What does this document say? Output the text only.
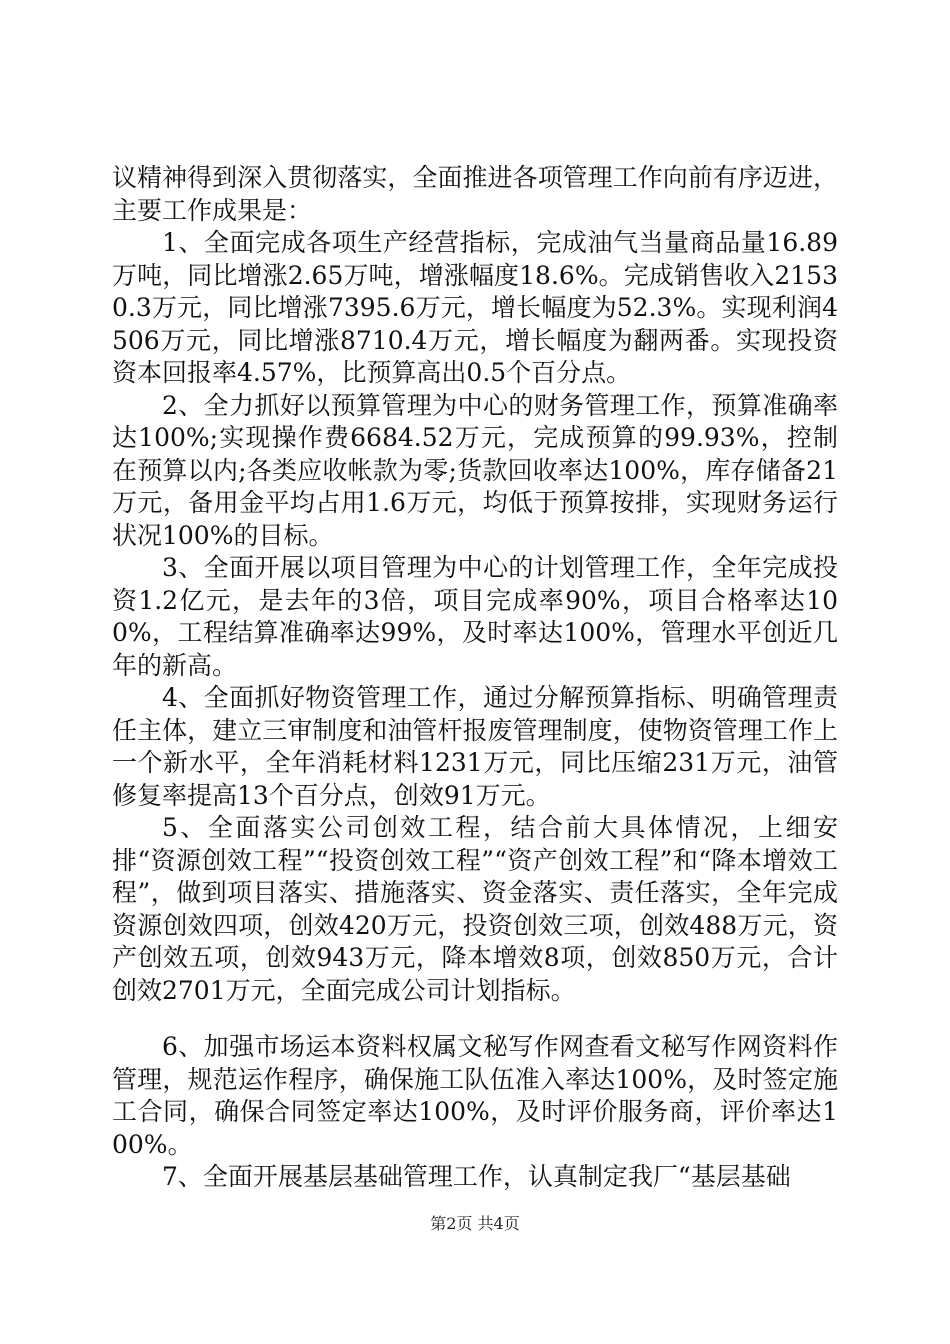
议精神得到深入贯彻落实，全面推进各项管理工作向前有序迈进，主要工作成果是：

1、全面完成各项生产经营指标，完成油气当量商品量16.89万吨，同比增涨2.65万吨，增涨幅度18.6%。完成销售收入21530.3万元，同比增涨7395.6万元，增长幅度为52.3%。实现利润4506万元，同比增涨8710.4万元，增长幅度为翻两番。实现投资资本回报率4.57%，比预算高出0.5个百分点。

2、全力抓好以预算管理为中心的财务管理工作，预算准确率达100%;实现操作费6684.52万元，完成预算的99.93%，控制在预算以内;各类应收帐款为零;货款回收率达100%，库存储备21万元，备用金平均占用1.6万元，均低于预算按排，实现财务运行状况100%的目标。

3、全面开展以项目管理为中心的计划管理工作，全年完成投资1.2亿元，是去年的3倍，项目完成率90%，项目合格率达100%，工程结算准确率达99%，及时率达100%，管理水平创近几年的新高。

4、全面抓好物资管理工作，通过分解预算指标、明确管理责任主体，建立三审制度和油管杆报废管理制度，使物资管理工作上一个新水平，全年消耗材料1231万元，同比压缩231万元，油管修复率提高13个百分点，创效91万元。

5、全面落实公司创效工程，结合前大具体情况，上细安排“资源创效工程”“投资创效工程”“资产创效工程”和“降本增效工程”，做到项目落实、措施落实、资金落实、责任落实，全年完成资源创效四项，创效420万元，投资创效三项，创效488万元，资产创效五项，创效943万元，降本增效8项，创效850万元，合计创效2701万元，全面完成公司计划指标。

6、加强市场运本资料权属文秘写作网查看文秘写作网资料作管理，规范运作程序，确保施工队伍准入率达100%，及时签定施工合同，确保合同签定率达100%，及时评价服务商，评价率达100%。

7、全面开展基层基础管理工作，认真制定我厂“基层基础

第2页 共4页
